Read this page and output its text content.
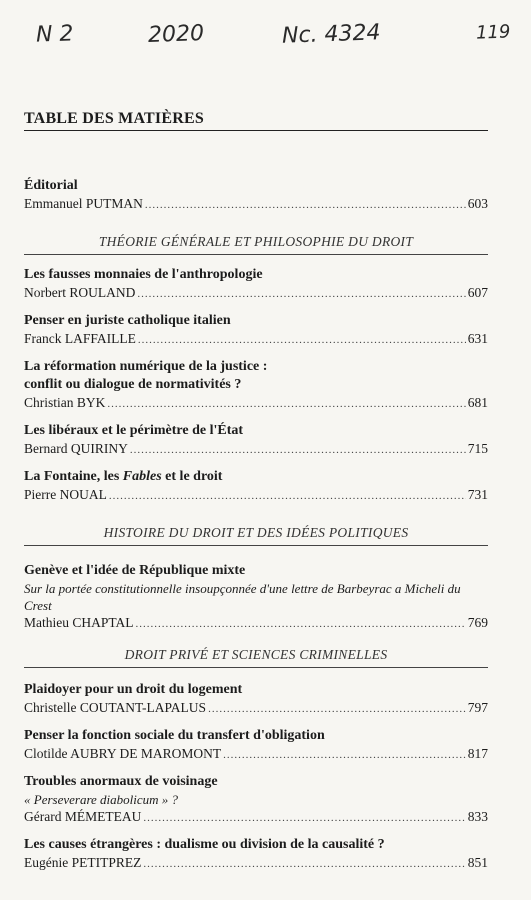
N 2	2020	Nc. 4324	119
TABLE DES MATIÈRES

Éditorial

Emmanuel PUTMAN .....	603

THÉORIE GÉNÉRALE ET PHILOSOPHIE DU DROIT

Les fausses monnaies de l'anthropologie

Norbert ROULAND .....	607

Penser en juriste catholique italien

Franck LAFFAILLE .....	631

La réformation numérique de la justice :

conflit ou dialogue de normativités ?

Christian BYK .....	681

Les libéraux et le périmètre de l'État

Bernard QUIRINY .....	715

La Fontaine, les Fables et le droit

Pierre NOUAL .....	731

HISTOIRE DU DROIT ET DES IDÉES POLITIQUES

Genève et l'idée de République mixte

Sur la portée constitutionnelle insoupçonnée d'une lettre de Barbeyrac a Micheli du Crest

Mathieu CHAPTAL .....	769

DROIT PRIVÉ ET SCIENCES CRIMINELLES

Plaidoyer pour un droit du logement

Christelle COUTANT-LAPALUS .....	797

Penser la fonction sociale du transfert d'obligation

Clotilde AUBRY DE MAROMONT .....	817

Troubles anormaux de voisinage

« Perseverare diabolicum » ?

Gérard MÉMETEAU .....	833

Les causes étrangères : dualisme ou division de la causalité ?

Eugénie PETITPREZ .....	851
